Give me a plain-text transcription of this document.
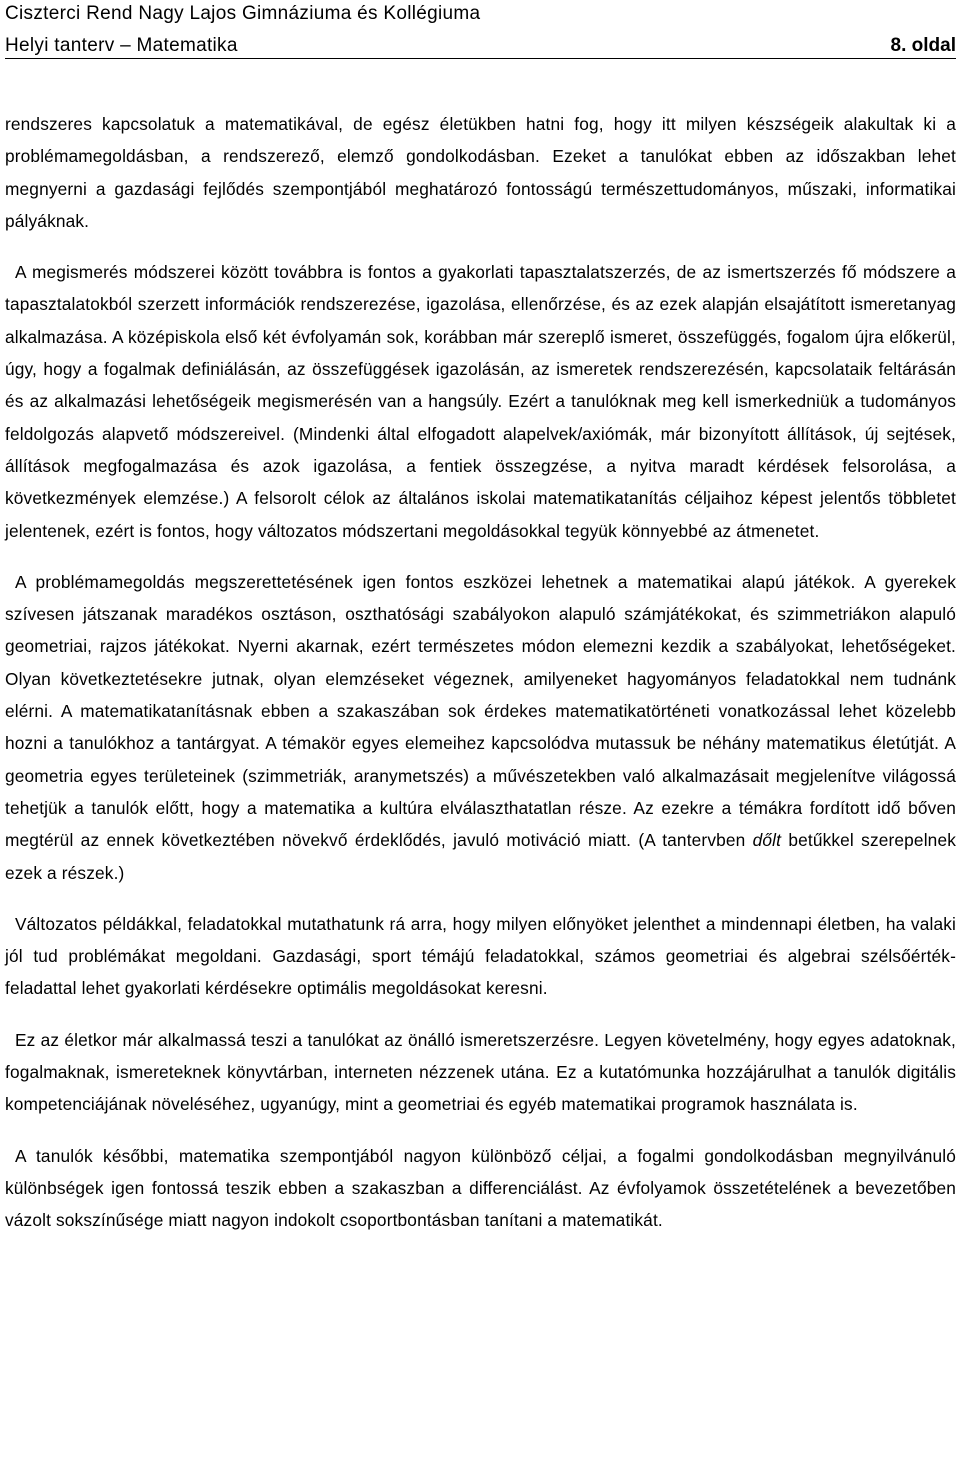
Ciszterci Rend Nagy Lajos Gimnáziuma és Kollégiuma
Helyi tanterv – Matematika	8. oldal

rendszeres kapcsolatuk a matematikával, de egész életükben hatni fog, hogy itt milyen készségeik alakultak ki a problémamegoldásban, a rendszerező, elemző gondolkodásban. Ezeket a tanulókat ebben az időszakban lehet megnyerni a gazdasági fejlődés szempontjából meghatározó fontosságú természettudományos, műszaki, informatikai pályáknak.

A megismerés módszerei között továbbra is fontos a gyakorlati tapasztalatszerzés, de az ismertszerzés fő módszere a tapasztalatokból szerzett információk rendszerezése, igazolása, ellenőrzése, és az ezek alapján elsajátított ismeretanyag alkalmazása. A középiskola első két évfolyamán sok, korábban már szereplő ismeret, összefüggés, fogalom újra előkerül, úgy, hogy a fogalmak definiálásán, az összefüggések igazolásán, az ismeretek rendszerezésén, kapcsolataik feltárásán és az alkalmazási lehetőségeik megismerésén van a hangsúly. Ezért a tanulóknak meg kell ismerkedniük a tudományos feldolgozás alapvető módszereivel. (Mindenki által elfogadott alapelvek/axiómák, már bizonyított állítások, új sejtések, állítások megfogalmazása és azok igazolása, a fentiek összegzése, a nyitva maradt kérdések felsorolása, a következmények elemzése.) A felsorolt célok az általános iskolai matematikatanítás céljaihoz képest jelentős többletet jelentenek, ezért is fontos, hogy változatos módszertani megoldásokkal tegyük könnyebbé az átmenetet.

A problémamegoldás megszerettetésének igen fontos eszközei lehetnek a matematikai alapú játékok. A gyerekek szívesen játszanak maradékos osztáson, oszthatósági szabályokon alapuló számjátékokat, és szimmetriákon alapuló geometriai, rajzos játékokat. Nyerni akarnak, ezért természetes módon elemezni kezdik a szabályokat, lehetőségeket. Olyan következtetésekre jutnak, olyan elemzéseket végeznek, amilyeneket hagyományos feladatokkal nem tudnánk elérni. A matematikatanításnak ebben a szakaszában sok érdekes matematikatörténeti vonatkozással lehet közelebb hozni a tanulókhoz a tantárgyat. A témakör egyes elemeihez kapcsolódva mutassuk be néhány matematikus életútját. A geometria egyes területeinek (szimmetriák, aranymetszés) a művészetekben való alkalmazásait megjelenítve világossá tehetjük a tanulók előtt, hogy a matematika a kultúra elválaszthatatlan része. Az ezekre a témákra fordított idő bőven megtérül az ennek következtében növekvő érdeklődés, javuló motiváció miatt. (A tantervben dőlt betűkkel szerepelnek ezek a részek.)

Változatos példákkal, feladatokkal mutathatunk rá arra, hogy milyen előnyöket jelenthet a mindennapi életben, ha valaki jól tud problémákat megoldani. Gazdasági, sport témájú feladatokkal, számos geometriai és algebrai szélsőérték-feladattal lehet gyakorlati kérdésekre optimális megoldásokat keresni.

Ez az életkor már alkalmassá teszi a tanulókat az önálló ismeretszerzésre. Legyen követelmény, hogy egyes adatoknak, fogalmaknak, ismereteknek könyvtárban, interneten nézzenek utána. Ez a kutatómunka hozzájárulhat a tanulók digitális kompetenciájának növeléséhez, ugyanúgy, mint a geometriai és egyéb matematikai programok használata is.

A tanulók későbbi, matematika szempontjából nagyon különböző céljai, a fogalmi gondolkodásban megnyilvánuló különbségek igen fontossá teszik ebben a szakaszban a differenciálást. Az évfolyamok összetételének a bevezetőben vázolt sokszínűsége miatt nagyon indokolt csoportbontásban tanítani a matematikát.
